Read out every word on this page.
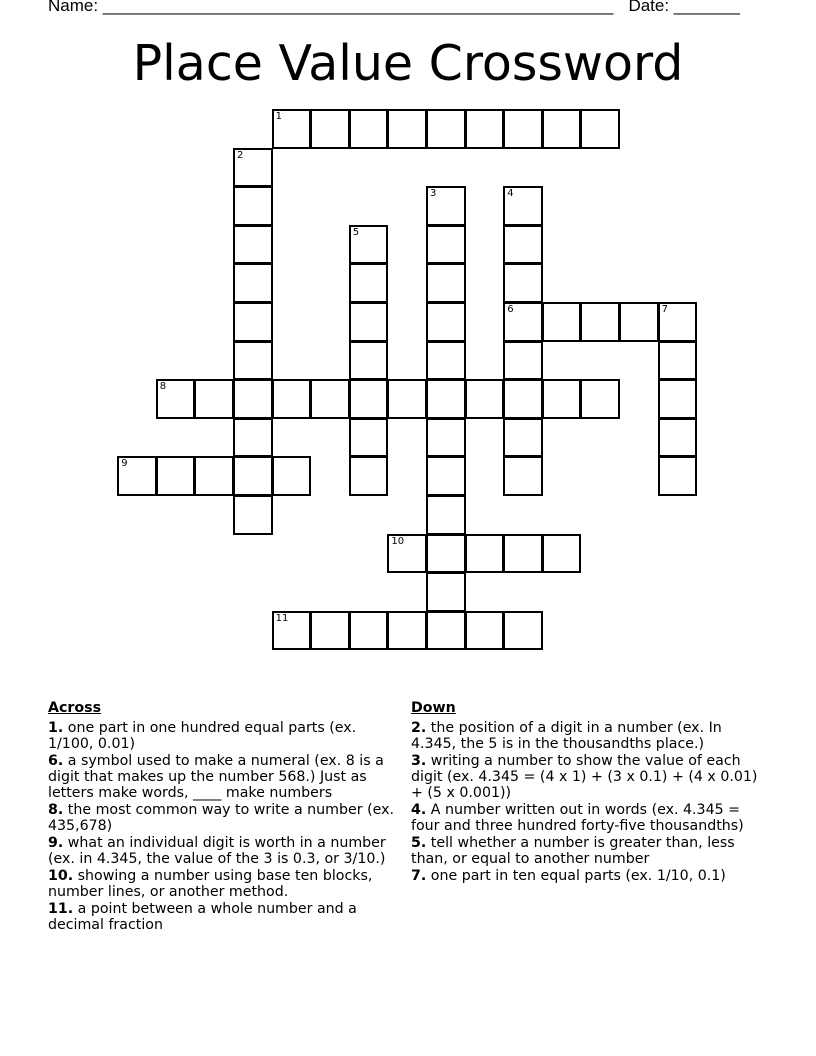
Name: ______________________________________________________ Date: _______
Place Value Crossword
1
2
3	4
6
5
7
8
9
10
11
Across
1. one part in one hundred equal parts (ex. 1/100, 0.01)
6. a symbol used to make a numeral (ex. 8 is a digit that makes up the number 568.) Just as letters make words, ____ make numbers
8. the most common way to write a number (ex. 435,678)
9. what an individual digit is worth in a number (ex. in 4.345, the value of the 3 is 0.3, or 3/10.)
10. showing a number using base ten blocks, number lines, or another method.
11. a point between a whole number and a decimal fraction
Down
2. the position of a digit in a number (ex. In 4.345, the 5 is in the thousandths place.)
3. writing a number to show the value of each digit (ex. 4.345 = (4 x 1) + (3 x 0.1) + (4 x 0.01) + (5 x 0.001))
4. A number written out in words (ex. 4.345 = four and three hundred forty-five thousandths)
5. tell whether a number is greater than, less than, or equal to another number
7. one part in ten equal parts (ex. 1/10, 0.1)
